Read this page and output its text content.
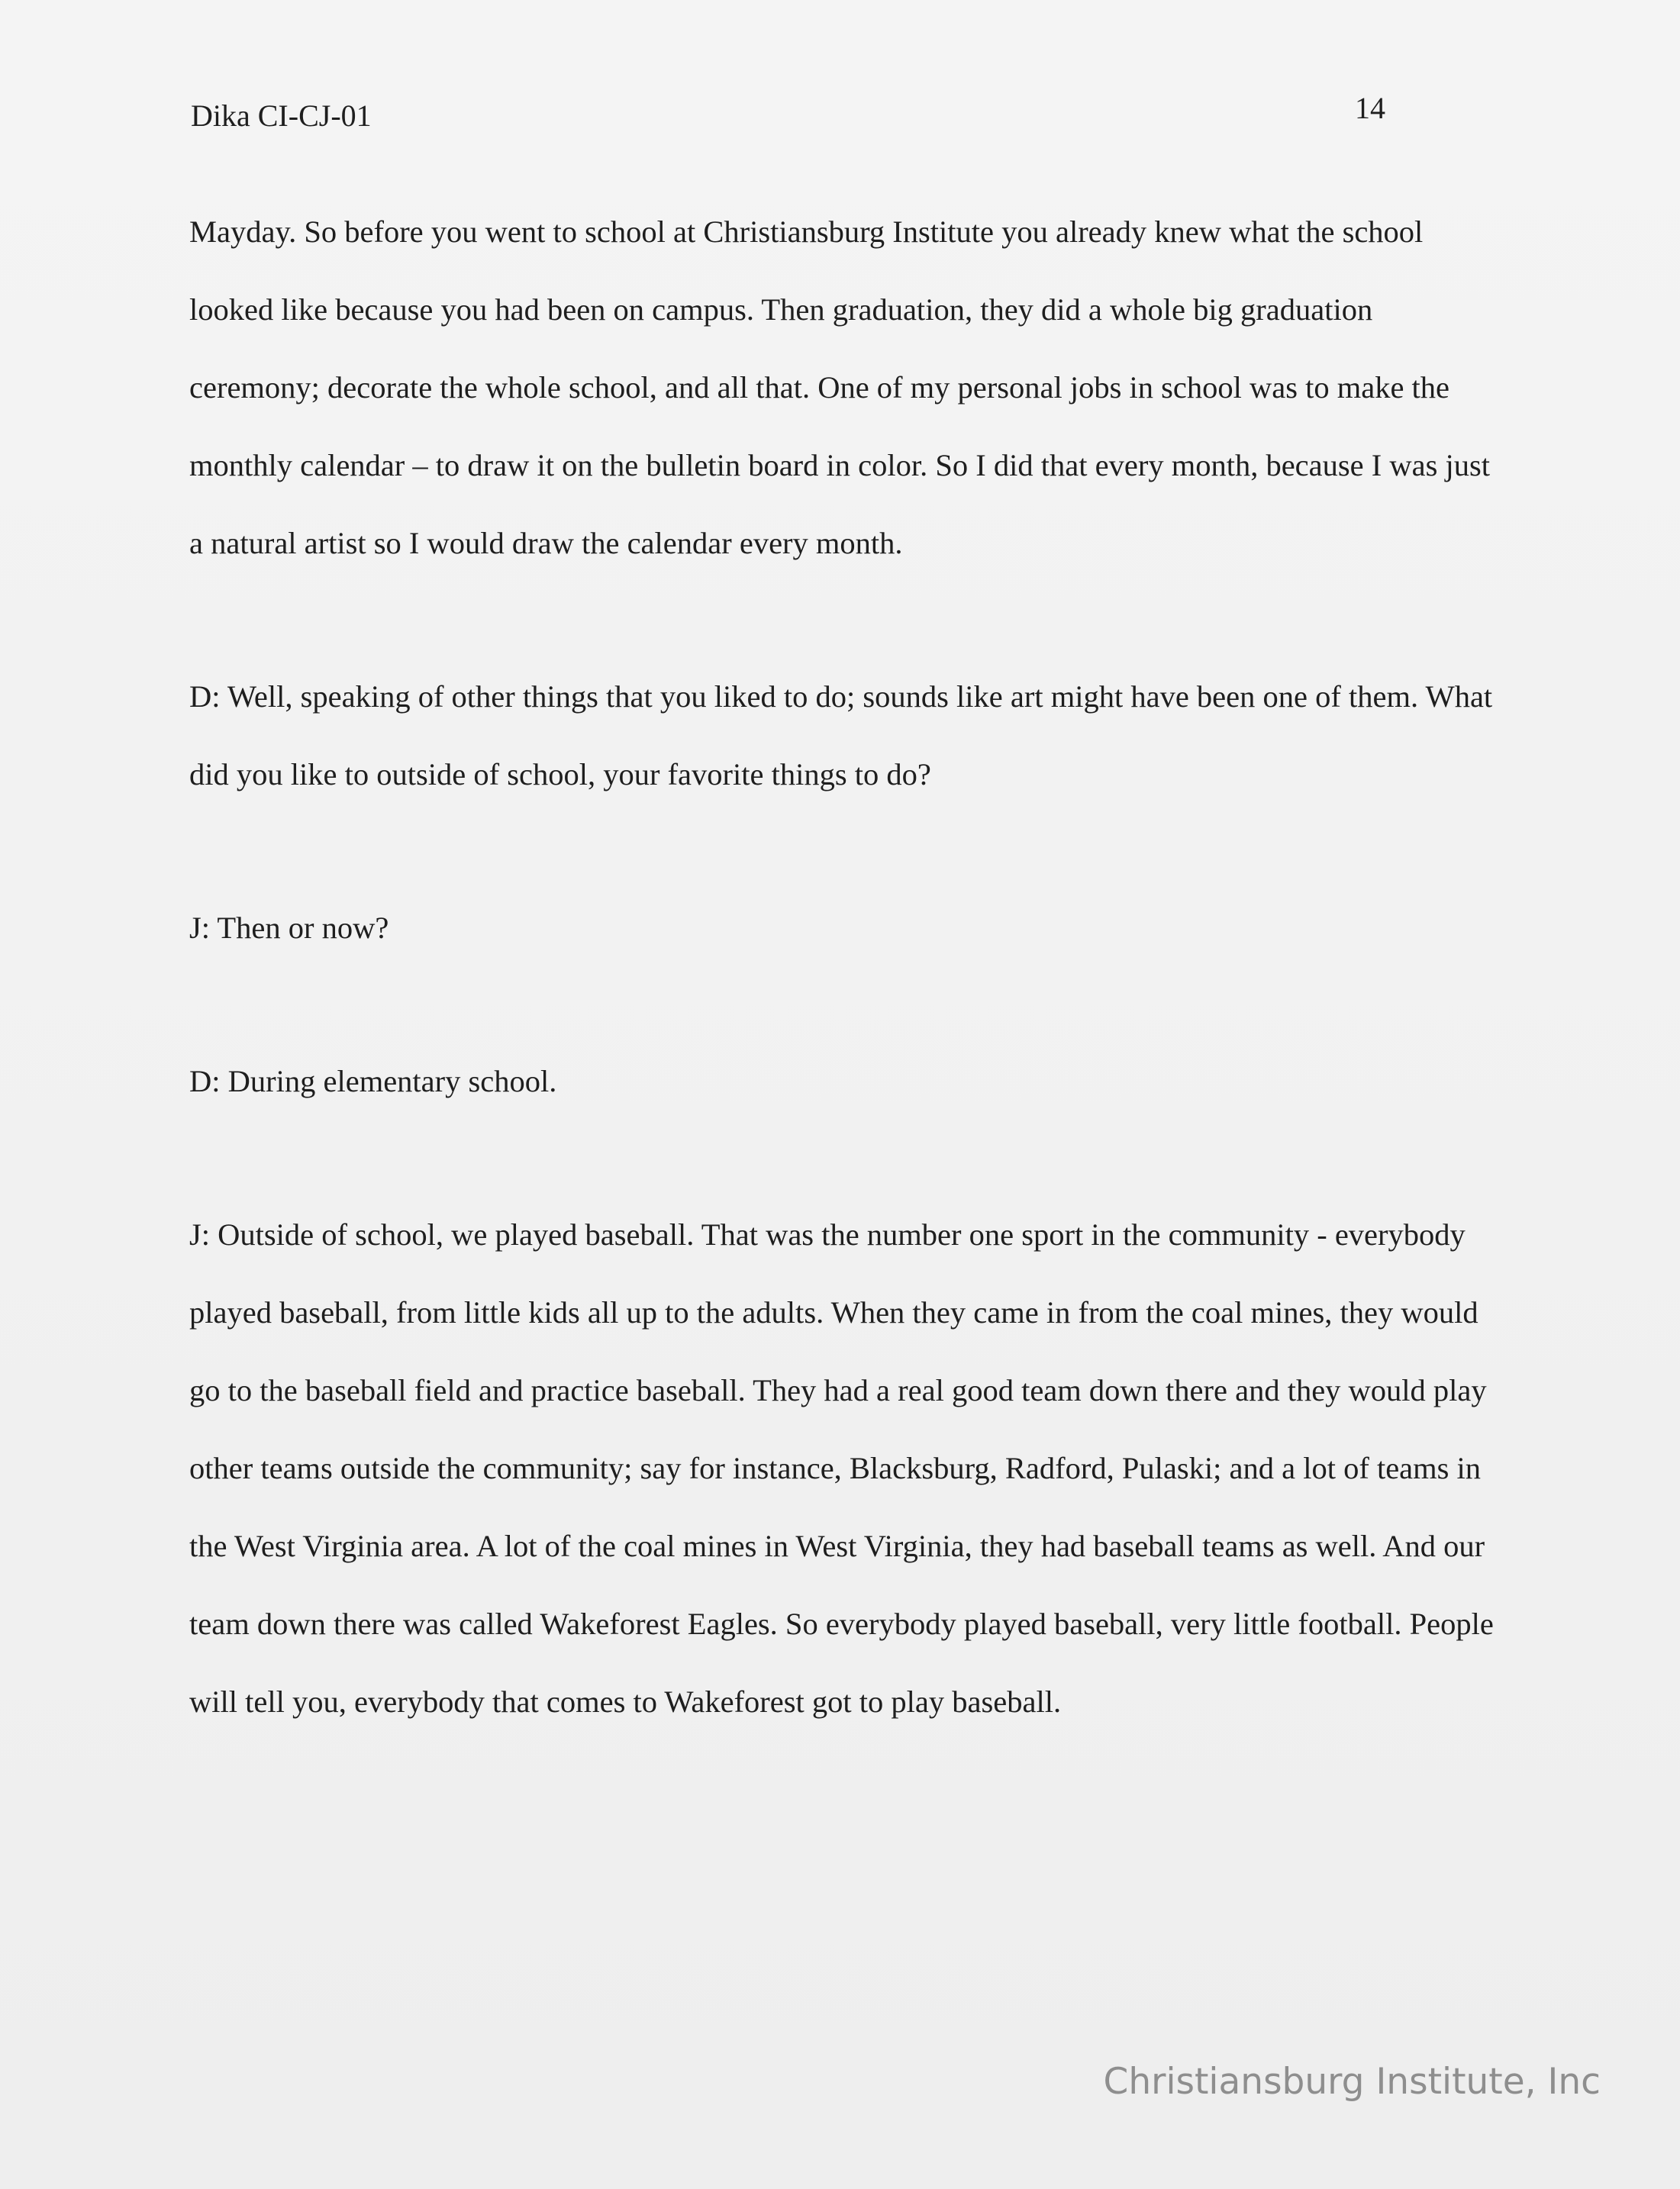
Dika CI-CJ-01	14

Mayday. So before you went to school at Christiansburg Institute you already knew what the school looked like because you had been on campus. Then graduation, they did a whole big graduation ceremony; decorate the whole school, and all that. One of my personal jobs in school was to make the monthly calendar – to draw it on the bulletin board in color. So I did that every month, because I was just a natural artist so I would draw the calendar every month.

D: Well, speaking of other things that you liked to do; sounds like art might have been one of them. What did you like to outside of school, your favorite things to do?

J: Then or now?

D: During elementary school.

J: Outside of school, we played baseball. That was the number one sport in the community - everybody played baseball, from little kids all up to the adults. When they came in from the coal mines, they would go to the baseball field and practice baseball. They had a real good team down there and they would play other teams outside the community; say for instance, Blacksburg, Radford, Pulaski; and a lot of teams in the West Virginia area. A lot of the coal mines in West Virginia, they had baseball teams as well. And our team down there was called Wakeforest Eagles. So everybody played baseball, very little football. People will tell you, everybody that comes to Wakeforest got to play baseball.

Christiansburg Institute, Inc
